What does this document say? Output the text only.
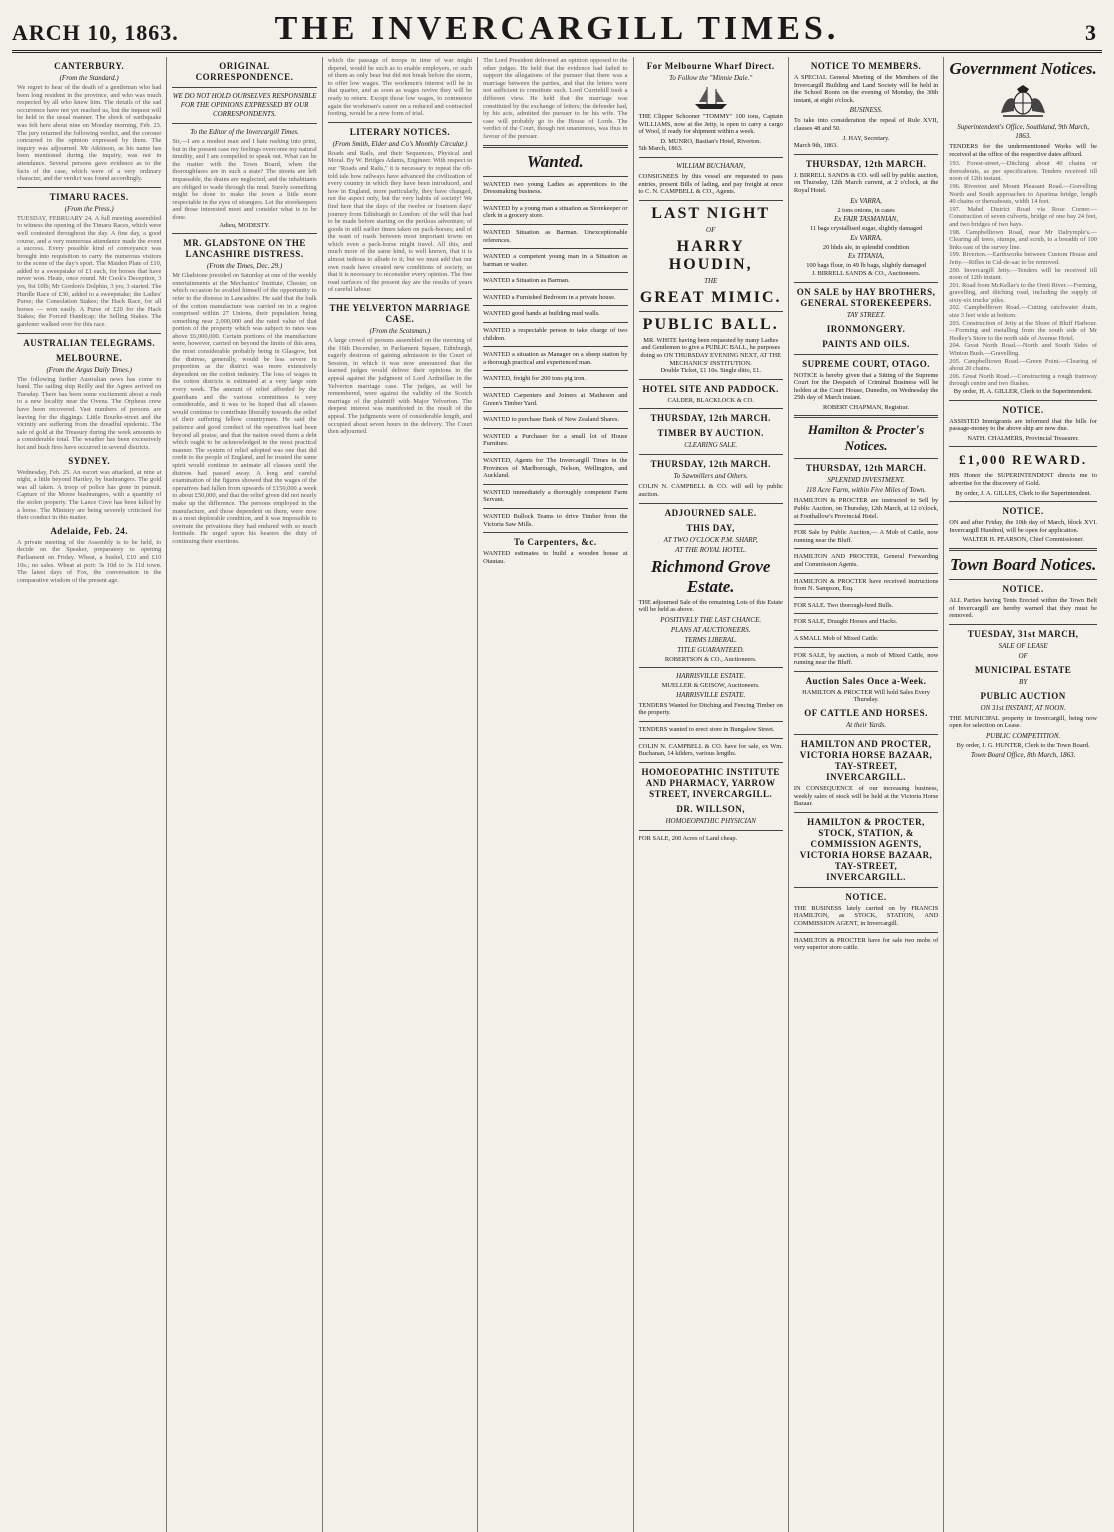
ARCH 10, 1863.	THE INVERCARGILL TIMES.	3
CANTERBURY.
(From the Standard.)
We regret to hear of the death of a gentleman who had been long resident in the province, and who was much respected by all who knew him. The details of the sad occurrence have not yet reached us, but the inquest will be held in the usual manner. The shock of earthquake was felt here about nine on Monday morning, Feb. 23. The jury returned the following verdict, and the coroner concurred in the opinion expressed by them. The inquiry was adjourned. Mr Atkinson, as his name has been mentioned during the inquiry, was not in attendance. Several persons gave evidence as to the facts of the case, which were of a very ordinary character, and the verdict was found accordingly.
TIMARU RACES.
(From the Press.)
TUESDAY, FEBRUARY 24. A full meeting assembled to witness the opening of the Timaru Races, which were well contested throughout the day. A fine day, a good course, and a very numerous attendance made the event a success. Every possible kind of conveyance was brought into requisition to carry the numerous visitors to the scene of the day's sport. The Maiden Plate of £10, added to a sweepstake of £1 each, for horses that have never won. Heats, once round. Mr Cook's Deception, 3 yrs, 9st 10lb; Mr Gordon's Dolphin, 3 yrs; 3 started. The Hurdle Race of £30, added to a sweepstake; the Ladies' Purse; the Consolation Stakes; the Hack Race, for all horses — won easily. A Purse of £20 for the Hack Stakes; the Forced Handicap; the Selling Stakes. The gardener walked over for this race.
AUSTRALIAN TELEGRAMS.
MELBOURNE.
(From the Argus Daily Times.)
The following further Australian news has come to hand. The sailing ship Reilly and the Agnes arrived on Tuesday. There has been some excitement about a rush to a new locality near the Ovens. The Orpheus crew have been recovered. Vast numbers of persons are leaving for the diggings. Little Bourke-street and the vicinity are suffering from the dreadful epidemic. The sale of gold at the Treasury during the week amounts to a considerable total. The weather has been excessively hot and bush fires have occurred in several districts.
SYDNEY.
Wednesday, Feb. 25. An escort was attacked, at nine at night, a little beyond Hartley, by bushrangers. The gold was all taken. A troop of police has gone in pursuit. Capture of the Moree bushrangers, with a quantity of the stolen property. The Lance Cove has been killed by a horse. The Ministry are being severely criticised for their conduct in this matter.
Adelaide, Feb. 24.
A private meeting of the Assembly is to be held, to decide on the Speaker, preparatory to opening Parliament on Friday. Wheat, a bushel, £10 and £10 10s.; no sales. Wheat at port: 3s 10d to 3s 11d town. The latest days of Fox, the conversation in the comparative wisdom of the present age.
ORIGINAL CORRESPONDENCE.
WE DO NOT HOLD OURSELVES RESPONSIBLE FOR THE OPINIONS EXPRESSED BY OUR CORRESPONDENTS.
To the Editor of the Invercargill Times.
Sir,—I am a modest man and I hate rushing into print, but in the present case my feelings overcome my natural timidity, and I am compelled to speak out. What can be the matter with the Town Board, when the thoroughfares are in such a state? The streets are left impassable, the drains are neglected, and the inhabitants are obliged to wade through the mud. Surely something might be done to make the town a little more respectable in the eyes of strangers. Let the storekeepers and those interested meet and consider what is to be done.
Adieu, MODESTY.
MR. GLADSTONE ON THE LANCASHIRE DISTRESS.
(From the Times, Dec. 29.)
Mr Gladstone presided on Saturday at one of the weekly entertainments at the Mechanics' Institute, Chester, on which occasion he availed himself of the opportunity to refer to the distress in Lancashire. He said that the bulk of the cotton manufacture was carried on in a region comprised within 27 Unions, their population being something near 2,000,000 and the rated value of that portion of the property which was subject to rates was above £6,000,000. Certain portions of the manufacture were, however, carried on beyond the limits of this area, the most considerable probably being in Glasgow, but the distress, generally, would be less severe in proportion as the district was more extensively dependent on the cotton industry. The loss of wages in the cotton districts is estimated at a very large sum every week. The amount of relief afforded by the guardians and the various committees is very considerable, and it was to be hoped that all classes would continue to contribute liberally towards the relief of their suffering fellow countrymen. He said the patience and good conduct of the operatives had been beyond all praise, and that the nation owed them a debt which ought to be acknowledged in the most practical manner. The system of relief adopted was one that did credit to the people of England, and he trusted the same spirit would continue to animate all classes until the distress had passed away. A long and careful examination of the figures showed that the wages of the operatives had fallen from upwards of £150,000 a week to about £50,000, and that the relief given did not nearly make up the difference. The persons employed in the manufacture, and those dependent on them, were now in a most deplorable condition, and it was impossible to overrate the privations they had endured with so much fortitude. He urged upon his hearers the duty of continuing their exertions.
which the passage of troops in time of war might depend, would be such as to enable employers, or such of them as only bear but did not break before the storm, to offer low wages. The workmen's interest will be in that quarter, and as soon as wages revive they will be ready to return. Except those low wages, to commence again the workman's career on a reduced and contracted footing, would be a new form of trial.
LITERARY NOTICES.
(From Smith, Elder and Co's Monthly Circular.)
Roads and Rails, and their Sequences, Physical and Moral. By W. Bridges Adams, Engineer. With respect to our "Roads and Rails," it is necessary to repeat the oft-told tale how railways have advanced the civilization of every country in which they have been introduced, and how in England, more particularly, they have changed, not the aspect only, but the very habits of society! We find here that the days of the twelve or fourteen days' journey from Edinburgh to London: of the will that had to be made before starting on the perilous adventure; of goods in still earlier times taken on pack-horses; and of the want of roads between most important towns on which even a pack-horse might travel. All this, and much more of the same kind, is well known, that it is almost tedious to allude to it; but we must add that our own roads have created new conditions of society, so that it is necessary to reconsider every opinion. The fine road surfaces of the present day are the results of years of careful labour.
THE YELVERTON MARRIAGE CASE.
(From the Scotsman.)
A large crowd of persons assembled on the morning of the 16th December, in Parliament Square, Edinburgh, eagerly desirous of gaining admission to the Court of Session, in which it was now announced that the learned judges would deliver their opinions in the appeal against the judgment of Lord Ardmillan in the Yelverton marriage case. The judges, as will be remembered, were against the validity of the Scotch marriage of the plaintiff with Major Yelverton. The deepest interest was manifested in the result of the appeal. The judgments were of considerable length, and occupied about seven hours in the delivery. The Court then adjourned.
The Lord President delivered an opinion opposed to the other judges. He held that the evidence had failed to support the allegations of the pursuer that there was a marriage between the parties, and that the letters were not sufficient to constitute such. Lord Curriehill took a different view. He held that the marriage was constituted by the exchange of letters; the defender had, by his acts, admitted the pursuer to be his wife. The case will probably go to the House of Lords. The verdict of the Court, though not unanimous, was thus in favour of the pursuer.
Wanted.
WANTED two young Ladies as apprentices to the Dressmaking business.
WANTED by a young man a situation as Storekeeper or clerk in a grocery store.
WANTED Situation as Barman. Unexceptionable references.
WANTED a competent young man in a Situation as barman or waiter.
WANTED a Situation as Barman.
WANTED a Furnished Bedroom in a private house.
WANTED good hands at building mud walls.
WANTED a respectable person to take charge of two children.
WANTED a situation as Manager on a sheep station by a thorough practical and experienced man.
WANTED, freight for 200 tons pig iron.
WANTED Carpenters and Joiners at Matheson and Green's Timber Yard.
WANTED to purchase Bank of New Zealand Shares.
WANTED a Purchaser for a small lot of House Furniture.
WANTED, Agents for The Invercargill Times in the Provinces of Marlborough, Nelson, Wellington, and Auckland.
WANTED immediately a thoroughly competent Farm Servant.
WANTED Bullock Teams to drive Timber from the Victoria Saw Mills.
To Carpenters, &c.
WANTED estimates to build a wooden house at Otautau.
For Melbourne Wharf Direct.
To Follow the "Minnie Dale."
THE Clipper Schooner "TOMMY" 100 tons, Captain WILLIAMS, now at the Jetty, is open to carry a cargo of Wool, if ready for shipment within a week.
D. MUNRO, Bastian's Hotel, Riverton.
5th March, 1863.
WILLIAM BUCHANAN,
CONSIGNEES by this vessel are requested to pass entries, present Bills of lading, and pay freight at once to C. N. CAMPBELL & CO., Agents.
LAST NIGHT
OF
HARRY HOUDIN,
THE
GREAT MIMIC.
PUBLIC BALL.
MR. WHITE having been requested by many Ladies and Gentlemen to give a PUBLIC BALL, he purposes doing so ON THURSDAY EVENING NEXT, AT THE MECHANICS' INSTITUTION.
Double Ticket, £1 10s. Single ditto, £1.
HOTEL SITE AND PADDOCK.
CALDER, BLACKLOCK & CO.
THURSDAY, 12th MARCH.
TIMBER BY AUCTION.
CLEARING SALE.
THURSDAY, 12th MARCH.
To Sawmillers and Others.
COLIN N. CAMPBELL & CO. will sell by public auction.
ADJOURNED SALE.
THIS DAY,
AT TWO O'CLOCK P.M. SHARP,
AT THE ROYAL HOTEL.
Richmond Grove Estate.
THE adjourned Sale of the remaining Lots of this Estate will be held as above.
POSITIVELY THE LAST CHANCE.
PLANS AT AUCTIONEERS.
TERMS LIBERAL.
TITLE GUARANTEED.
ROBERTSON & CO., Auctioneers.
HARRISVILLE ESTATE.
MUELLER & GEISOW, Auctioneers.
HARRISVILLE ESTATE.
TENDERS Wanted for Ditching and Fencing Timber on the property.
TENDERS wanted to erect store in Bungalow Street.
COLIN N. CAMPBELL & CO. have for sale, ex Wm. Buchanan, 14 kilders, various lengths.
HOMOEOPATHIC INSTITUTE AND PHARMACY, YARROW STREET, INVERCARGILL.
DR. WILLSON,
HOMOEOPATHIC PHYSICIAN
FOR SALE, 200 Acres of Land cheap.
NOTICE TO MEMBERS.
A SPECIAL General Meeting of the Members of the Invercargill Building and Land Society will be held in the School Room on the evening of Monday, the 30th instant, at eight o'clock.
BUSINESS.
To take into consideration the repeal of Rule XVII, clauses 48 and 50.
J. HAY, Secretary.
March 9th, 1863.
THURSDAY, 12th MARCH.
J. BIRRELL SANDS & CO. will sell by public auction, on Thursday, 12th March current, at 2 o'clock, at the Royal Hotel.
Ex VARRA,
2 tons onions, in cases
Ex FAIR TASMANIAN,
11 bags crystallised sugar, slightly damaged
Ex VARRA,
20 hhds ale, in splendid condition
Ex TITANIA,
100 bags flour, in 49 lb bags, slightly damaged
J. BIRRELL SANDS & CO., Auctioneers.
ON SALE by HAY BROTHERS, GENERAL STOREKEEPERS.
TAY STREET.
IRONMONGERY.
PAINTS AND OILS.
SUPREME COURT, OTAGO.
NOTICE is hereby given that a Sitting of the Supreme Court for the Despatch of Criminal Business will be holden at the Court House, Dunedin, on Wednesday the 25th day of March instant.
ROBERT CHAPMAN, Registrar.
Hamilton & Procter's Notices.
THURSDAY, 12th MARCH.
SPLENDID INVESTMENT.
118 Acre Farm, within Five Miles of Town.
HAMILTON & PROCTER are instructed to Sell by Public Auction, on Thursday, 12th March, at 12 o'clock, at Foothallow's Provincial Hotel.
FOR Sale by Public Auction,— A Mob of Cattle, now running near the Bluff.
HAMILTON AND PROCTER, General Forwarding and Commission Agents.
HAMILTON & PROCTER have received instructions from N. Sampson, Esq.
FOR SALE. Two thorough-bred Bulls.
FOR SALE, Draught Horses and Hacks.
A SMALL Mob of Mixed Cattle.
FOR SALE, by auction, a mob of Mixed Cattle, now running near the Bluff.
Auction Sales Once a-Week.
HAMILTON & PROCTER Will hold Sales Every Thursday.
OF CATTLE AND HORSES.
At their Yards.
HAMILTON AND PROCTER, VICTORIA HORSE BAZAAR, TAY-STREET, INVERCARGILL.
IN CONSEQUENCE of our increasing business, weekly sales of stock will be held at the Victoria Horse Bazaar.
HAMILTON & PROCTER, STOCK, STATION, & COMMISSION AGENTS, VICTORIA HORSE BAZAAR, TAY-STREET, INVERCARGILL.
NOTICE.
THE BUSINESS lately carried on by FRANCIS HAMILTON, as STOCK, STATION, AND COMMISSION AGENT, in Invercargill.
HAMILTON & PROCTER have for sale two mobs of very superior store cattle.
Government Notices.
Superintendent's Office, Southland, 9th March, 1863.
TENDERS for the undermentioned Works will be received at the office of the respective dates affixed.
193. Forest-street,—Ditching about 40 chains or thereabouts, as per specification. Tenders received till noon of 12th instant.
196. Riverton and Mount Pleasant Road.—Gravelling North and South approaches to Aparima bridge, length 40 chains or thereabouts, width 14 feet.
197. Mabel District Road via Rose Corner.—Construction of seven culverts, bridge of one bay 24 feet, and two bridges of two bays.
198. Campbelltown Road, near Mr Dalrymple's.—Clearing all trees, stumps, and scrub, to a breadth of 100 links east of the survey line.
199. Riverton.—Earthworks between Custom House and Jetty.—Rifles in Cul-de-sac to be removed.
200. Invercargill Jetty.—Tenders will be received till noon of 12th instant.
201. Road from McKellar's to the Oreti River.—Forming, gravelling, and ditching road, including the supply of sixty-six trucks' piles.
202. Campbelltown Road.—Cutting catchwater drain, size 3 feet wide at bottom.
203. Construction of Jetty at the Shore of Bluff Harbour.—Forming and metalling from the south side of Mr Hedley's Store to the north side of Avenue Hotel.
204. Great North Road.—North and South Sides of Winton Bush.—Gravelling.
205. Campbelltown Road.—Green Point.—Clearing of about 20 chains.
206. Great North Road.—Constructing a rough tramway through centre and two flushes.
By order, H. A. GILLER, Clerk to the Superintendent.
NOTICE.
ASSISTED Immigrants are informed that the bills for passage-money to the above ship are now due.
NATH. CHALMERS, Provincial Treasurer.
£1,000 REWARD.
HIS Honor the SUPERINTENDENT directs me to advertise for the discovery of Gold.
By order, J. A. GILLES, Clerk to the Superintendent.
NOTICE.
ON and after Friday, the 10th day of March, block XVI. Invercargill Hundred, will be open for application.
WALTER H. PEARSON, Chief Commissioner.
Town Board Notices.
NOTICE.
ALL Parties having Tents Erected within the Town Belt of Invercargill are hereby warned that they must be removed.
TUESDAY, 31st MARCH,
SALE OF LEASE
OF
MUNICIPAL ESTATE
BY
PUBLIC AUCTION
ON 31st INSTANT, AT NOON.
THE MUNICIPAL property in Invercargill, being now open for selection on Lease.
PUBLIC COMPETITION.
By order, J. G. HUNTER, Clerk to the Town Board.
Town Board Office, 8th March, 1863.
